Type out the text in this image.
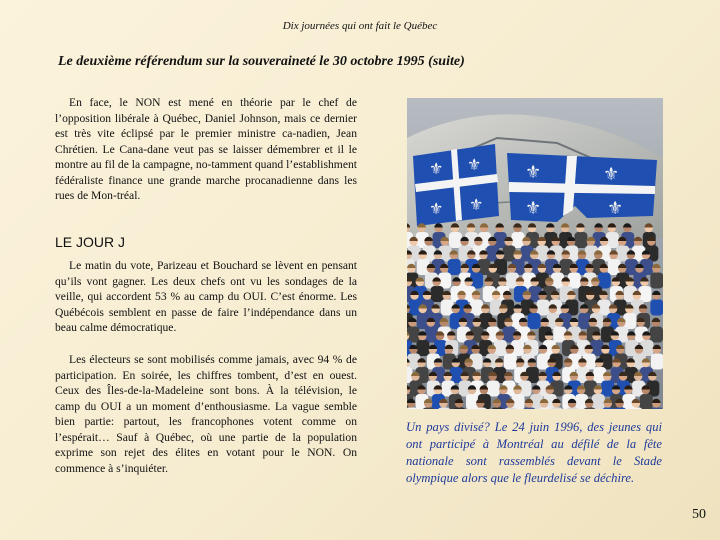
Dix journées qui ont fait le Québec
Le deuxième référendum sur la souveraineté le 30 octobre 1995 (suite)

En face, le NON est mené en théorie par le chef de l’opposition libérale à Québec, Daniel Johnson, mais ce dernier est très vite éclipsé par le premier ministre ca-nadien, Jean Chrétien. Le Cana-dane veut pas se laisser démembrer et il le montre au fil de la campagne, no-tamment quand l’establishment fédéraliste finance une grande marche procanadienne dans les rues de Mon-tréal.

LE JOUR J

Le matin du vote, Parizeau et Bouchard se lèvent en pensant qu’ils vont gagner. Les deux chefs ont vu les sondages de la veille, qui accordent 53 % au camp du OUI. C’est énorme. Les Québécois semblent en passe de faire l’indépendance dans un beau calme démocratique.

Les électeurs se sont mobilisés comme jamais, avec 94 % de participation. En soirée, les chiffres tombent, d’est en ouest. Ceux des Îles-de-la-Madeleine sont bons. À la télévision, le camp du OUI a un moment d’enthousiasme. La vague semble bien partie: partout, les francophones votent comme on l’espérait… Sauf à Québec, où une partie de la population exprime son rejet des élites en votant pour le NON. On commence à s’inquiéter.

⚜ ⚜
⚜ ⚜
⚜	⚜
⚜	⚜
Un pays divisé? Le 24 juin 1996, des jeunes qui ont participé à Montréal au défilé de la fête nationale sont rassemblés devant le Stade olympique alors que le fleurdelisé se déchire.
50
